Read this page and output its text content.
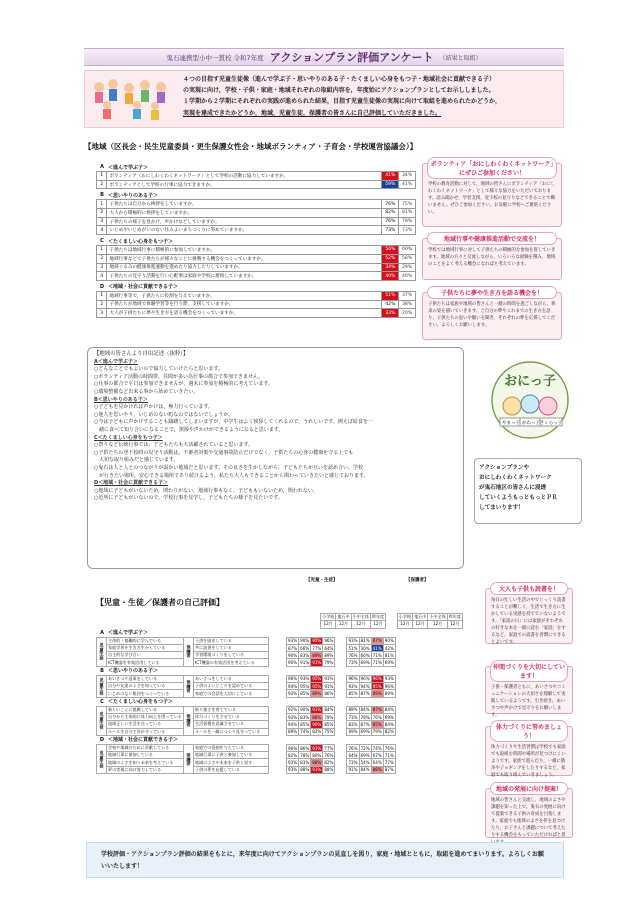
鬼石連携型小中一貫校 令和7年度 アクションプラン評価アンケート （結果と取組）
４つの目指す児童生徒像（進んで学ぶ子・思いやりのある子・たくましい心身をもつ子・地域社会に貢献できる子）
の実現に向け，学校・子供・家庭・地域それぞれの取組内容を，年度始にアクションプランとしてお示ししました。
１学期から２学期にそれぞれの実践が進められた結果，目指す児童生徒像の実現に向けて取組を進められたかどうか，
実現を達成できたかどうか，地域，児童生徒，保護者の皆さんに自己評価していただきました。
【地域（区長会・民生児童委員・更生保護女性会・地域ボランティア・子育会・学校運営協議会）】
A ＜進んで学ぶ子＞
1	ボランティア（おにしわくわくネットワーク）として学校の活動に協力していますか。	41%	34%
2	ボランティアとして学校の行事に協力できますか。	59%	41%
B ＜思いやりのある子＞
1	子供たちは自分から挨拶をしていますか。	76%	75%
2	大人から積極的に挨拶をしていますか。	82%	81%
3	子供たちの様子を見かけ，声かけなどしていますか。	76%	78%
4	いじめやいじめがいのない住みよいまちづくりに努めていますか。	73%	73%
C ＜たくましい心身をもつ子＞
1	子供たちは地域行事に積極的に参加していますか。	56%	60%
2	地域行事などで子供たちが様々なことに挑戦する機会をつくっていますか。	52%	58%
3	地域ぐるみの健康推進運動を進めたり協力したりしていますか。	34%	29%
4	子供たちの見守り活動を行い心配事は家庭や学校に連絡していますか。	40%	40%
D ＜地域・社会に貢献できる子＞
1	地域行事等で，子供たちに役割を与えていますか。	51%	37%
2	子供たちが地域で体験学習等を行う際，支援していますか。	42%	38%
3	大人が子供たちに夢や生き方を語る機会をつくっていますか。	33%	20%
ボランティア「おにしわくわくネットワーク」にぜひご参加ください！
学校の教育活動に対して，地域の皆さんにボランティア「おにしわくわくネットワーク」として様々な協力をいただいております。読み聞かせ，学習支援，登下校の見守りなどできることで構いません。ぜひご参加ください。お気軽に学校へご連絡ください。
地域行事や健康推進活動で交流を！
学校では地域行事に対して子供たちの積極的な参加を促していきます。地域の方々と交流しながら，いろいろな経験を積み，地域のことをよく考える機会になればと考えています。
子供たちに夢や生き方を語る機会を！
子供たちは家族や地域の皆さんと一緒の時間を過ごしながら，将来の姿を描いていきます。ご自分の夢やこれまでの生き方を語り，子供たちの思いや願いを聞き，それぞれの夢を応援してください。よろしくお願いします。
【地域の皆さんより自由記述（抜粋）】
A＜進んで学ぶ子＞
○どんなことでもよいので協力していけたらと思います。
○ボランティア活動の時間帯，昼間が多い為仕事の都合で参加できません。
○仕事の都合で平日は参加できませんが，週末に参加を積極的に考えています。
○環境整備など出来る事から始めていきたい。
B＜思いやりのある子＞
○子どもを見かければ声かけは，極力行っています。
○他人を思いやり，いじめのない町なのではないでしょうか。
○今は子どもに声かけすることも躊躇してしまいますが，中学生はよく挨拶してくれるので，うれしいです。例えば給食を一
　緒に食べて知り合いになることで，挨拶や声かけができるようになると思います。
C＜たくましい心身をもつ子＞
○祭りなど伝統行事では，子どもたちも大活躍されていると思います。
○子供たちの登下校時の見守り活動は，不審者対策や交通事故防止だけでなく，子供たちの心身の健康を守る上でも
　大切な取り組みだと感じています。
○鬼石は人と人とのつながりが温かい地域だと思います。その良さを生かしながら，子どもたちが互いを認め合い，学校
　が行きたい場所，安心できる場所であり続けるよう，私たち大人もできることから関わっていきたいと感じております。
D＜地域・社会に貢献できる子＞
○地域に子どもがいないため，関わりがない。地域行事もなく，子どももいないため，関われない。
○近所に子どもがいないので，学校行事を見学し，子どもたちの様子を見たいです。
おにっ子
やまっ子 かわっ子 さくらっ子
アクションプランや
おにしわくわくネットワーク
が鬼石地区の皆さんに浸透
していくようもっともっとＰＲ
してまいります！
【児童・生徒】	【保護者】
【児童・生徒／保護者の自己評価】
小学校	鬼石中	小中全体	昨年度		小学校	鬼石中	小中全体	昨年度
12月	12月	12月	12月		12月	12月	12月	12月
A ＜進んで学ぶ子＞
児童生徒	主体的・協働的に学んでいる	保護者	子供を励ましている		93%	90%	95%	96%		93%	81%	87%	90%
	家庭学習を生き方生かしている		共に読書をしている		87%	66%	77%	64%		51%	30%	41%	42%
	自主的な学び合い		学習環境づくりをしている		90%	83%	89%	89%		76%	66%	71%	81%
	ICT機器を有効活用している		ICT機器の有効活用を考えている		90%	91%	91%	79%		73%	69%	71%	69%
B ＜思いやりのある子＞
児童生徒	あいさつや返事をしている	保護者	あいさつをしている		96%	93%	95%	93%		96%	96%	96%	93%
	自分や友達のよさを知っている		子供のよいところを認めている		94%	95%	95%	91%		93%	94%	95%	96%
	いじめのない集団をつくっている		家庭での会話を大切にしている		93%	85%	89%	86%		85%	87%	89%	89%
C ＜たくましい心身をもつ子＞
児童生徒	新しいことに挑戦している	保護者	粘り強さを育てている		92%	90%	91%	84%		89%	84%	87%	84%
	自分から主体的に体力向上を図っている		体力づくりをさせている		93%	83%	88%	79%		73%	78%	76%	69%
	規則正しい生活を送っている		生活習慣を意識させている		94%	85%	90%	85%		83%	87%	85%	84%
	ルールを自分で決め守っている		ルールを一緒につくり見守っている		89%	74%	82%	75%		69%	69%	79%	82%
D ＜地域・社会に貢献できる子＞
児童生徒	学校や地域のために貢献している	保護者	家庭での役割を与えている		96%	86%	91%	77%		76%	72%	74%	76%
	地域行事に参加している		地域行事に子供と参加している		82%	78%	80%	76%		64%	69%	67%	71%
	地域のよさを知り未来を考えている		地域のよさや未来を子供と話す		93%	83%	88%	82%		73%	54%	64%	77%
	夢の実現に向け努力している		子供の夢を応援している		93%	88%	91%	88%		91%	84%	88%	87%
大人も子供も読書を！
毎日の忙しい生活の中でじっくり読書することが難しく，生活で生き方に生かしている実感を持てていないようです。「家読の日」には家族がそれぞれの好きな本を一緒に読む「家読」をするなど，家庭での読書を習慣にできるとよいです。
仲間づくりを大切にしています！
子供・保護者ともに，あいさつやコミュニケーションの大切さを理解して実践しているようです。引き続き，あいさつや声かけで見守りをお願いします。
体力づくりに努めましょう！
体力づくりや生活習慣は学校でも家庭でも取組む時間や場所が見つけにくいようです。家族で遊んだり，一緒に散歩やジョギングをしたりするなど，家庭でも取り組んでいきましょう。
地域の発展に向け提案！
地域の皆さんと交流し，地域のよさや課題を知った上で，鬼石の発展に向けて提案できる子供の育成を目指します。家庭でも地域のよさを折を見つけたり，お子さんと課題について考えたりする機会をもっていただければと思
学校評価・アクションプラン評価の結果をもとに，来年度に向けてアクションプランの見直しを図り，家庭・地域とともに，取組を進めてまいります。よろしくお願いいたします！
